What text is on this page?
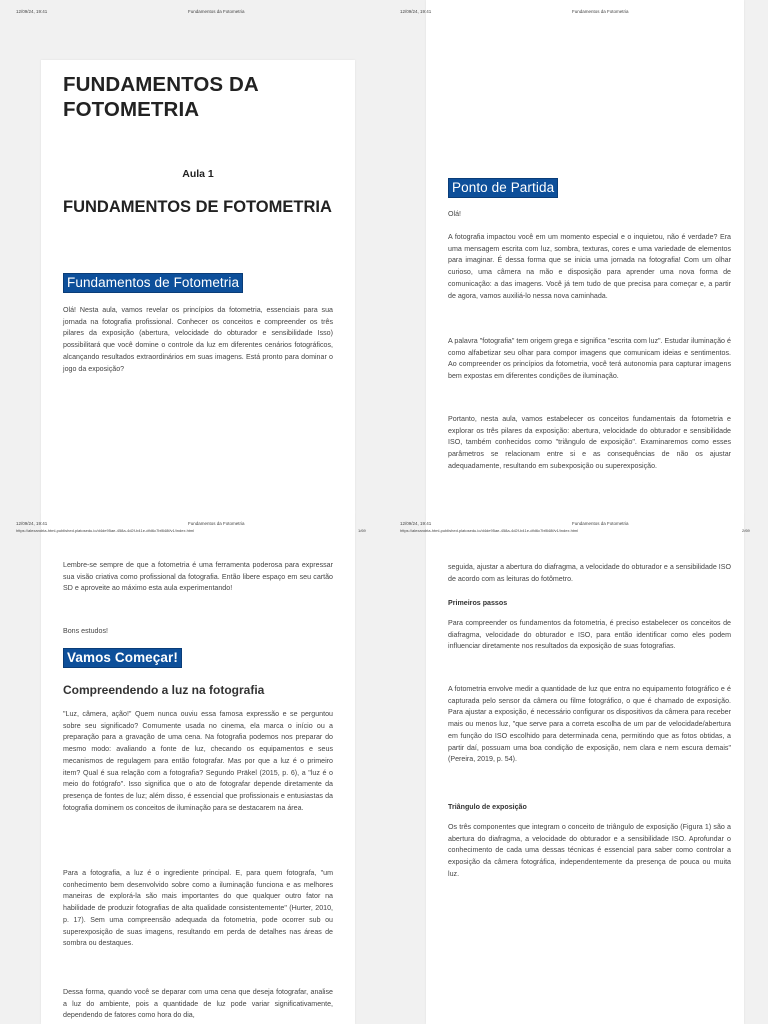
FUNDAMENTOS DA FOTOMETRIA
Aula 1
FUNDAMENTOS DE FOTOMETRIA
Fundamentos de Fotometria

Olá! Nesta aula, vamos revelar os princípios da fotometria, essenciais para sua jornada na fotografia profissional. Conhecer os conceitos e compreender os três pilares da exposição (abertura, velocidade do obturador e sensibilidade Isso) possibilitará que você domine o controle da luz em diferentes cenários fotográficos, alcançando resultados extraordinários em suas imagens. Está pronto para dominar o jogo da exposição?

12/09/24, 19:41	Fundamentos da Fotometria
Ponto de Partida

Olá!

A fotografia impactou você em um momento especial e o inquietou, não é verdade? Era uma mensagem escrita com luz, sombra, texturas, cores e uma variedade de elementos para imaginar. É dessa forma que se inicia uma jornada na fotografia! Com um olhar curioso, uma câmera na mão e disposição para aprender uma nova forma de comunicação: a das imagens. Você já tem tudo de que precisa para começar e, a partir de agora, vamos auxiliá-lo nessa nova caminhada.

A palavra "fotografia" tem origem grega e significa "escrita com luz". Estudar iluminação é como alfabetizar seu olhar para compor imagens que comunicam ideias e sentimentos. Ao compreender os princípios da fotometria, você terá autonomia para capturar imagens bem expostas em diferentes condições de iluminação.

Portanto, nesta aula, vamos estabelecer os conceitos fundamentais da fotometria e explorar os três pilares da exposição: abertura, velocidade do obturador e sensibilidade ISO, também conhecidos como "triângulo de exposição". Examinaremos como esses parâmetros se relacionam entre si e as consequências de não os ajustar adequadamente, resultando em subexposição ou superexposição.

12/09/24, 19:41	Fundamentos da Fotometria

Lembre-se sempre de que a fotometria é uma ferramenta poderosa para expressar sua visão criativa como profissional da fotografia. Então libere espaço em seu cartão SD e aproveite ao máximo esta aula experimentando!

Bons estudos!

Vamos Começar!
Compreendendo a luz na fotografia

"Luz, câmera, ação!" Quem nunca ouviu essa famosa expressão e se perguntou sobre seu significado? Comumente usada no cinema, ela marca o início ou a preparação para a gravação de uma cena. Na fotografia podemos nos preparar do mesmo modo: avaliando a fonte de luz, checando os equipamentos e seus mecanismos de regulagem para então fotografar. Mas por que a luz é o primeiro item? Qual é sua relação com a fotografia? Segundo Präkel (2015, p. 6), a "luz é o meio do fotógrafo". Isso significa que o ato de fotografar depende diretamente da presença de fontes de luz; além disso, é essencial que profissionais e entusiastas da fotografia dominem os conceitos de iluminação para se destacarem na área.

Para a fotografia, a luz é o ingrediente principal. E, para quem fotografa, "um conhecimento bem desenvolvido sobre como a iluminação funciona e as melhores maneiras de explorá-la são mais importantes do que qualquer outro fator na habilidade de produzir fotografias de alta qualidade consistentemente" (Hurter, 2010, p. 17). Sem uma compreensão adequada da fotometria, pode ocorrer sub ou superexposição de suas imagens, resultando em perda de detalhes nas áreas de sombra ou destaques.

Dessa forma, quando você se deparar com uma cena que deseja fotografar, analise a luz do ambiente, pois a quantidade de luz pode variar significativamente, dependendo de fatores como hora do dia,

12/09/24, 19:41	Fundamentos da Fotometria

seguida, ajustar a abertura do diafragma, a velocidade do obturador e a sensibilidade ISO de acordo com as leituras do fotômetro.

Primeiros passos

Para compreender os fundamentos da fotometria, é preciso estabelecer os conceitos de diafragma, velocidade do obturador e ISO, para então identificar como eles podem influenciar diretamente nos resultados da exposição de suas fotografias.

A fotometria envolve medir a quantidade de luz que entra no equipamento fotográfico e é capturada pelo sensor da câmera ou filme fotográfico, o que é chamado de exposição. Para ajustar a exposição, é necessário configurar os dispositivos da câmera para receber mais ou menos luz, "que serve para a correta escolha de um par de velocidade/abertura em função do ISO escolhido para determinada cena, permitindo que as fotos obtidas, a partir daí, possuam uma boa condição de exposição, nem clara e nem escura demais" (Pereira, 2019, p. 54).

Triângulo de exposição

Os três componentes que integram o conceito de triângulo de exposição (Figura 1) são a abertura do diafragma, a velocidade do obturador e a sensibilidade ISO. Aprofundar o conhecimento de cada uma dessas técnicas é essencial para saber como controlar a exposição da câmera fotográfica, independentemente da presença de pouca ou muita luz.

12/09/24, 19:41	Fundamentos da Fotometria
https://alexandria-html-published.platosedu.io/d4de95ae-458a-4d2f-b41e-dfd6c7bf848f/v1/index.html	1/69	https://alexandria-html-published.platosedu.io/d4de95ae-458a-4d2f-b41e-dfd6c7bf848f/v1/index.html	2/69
